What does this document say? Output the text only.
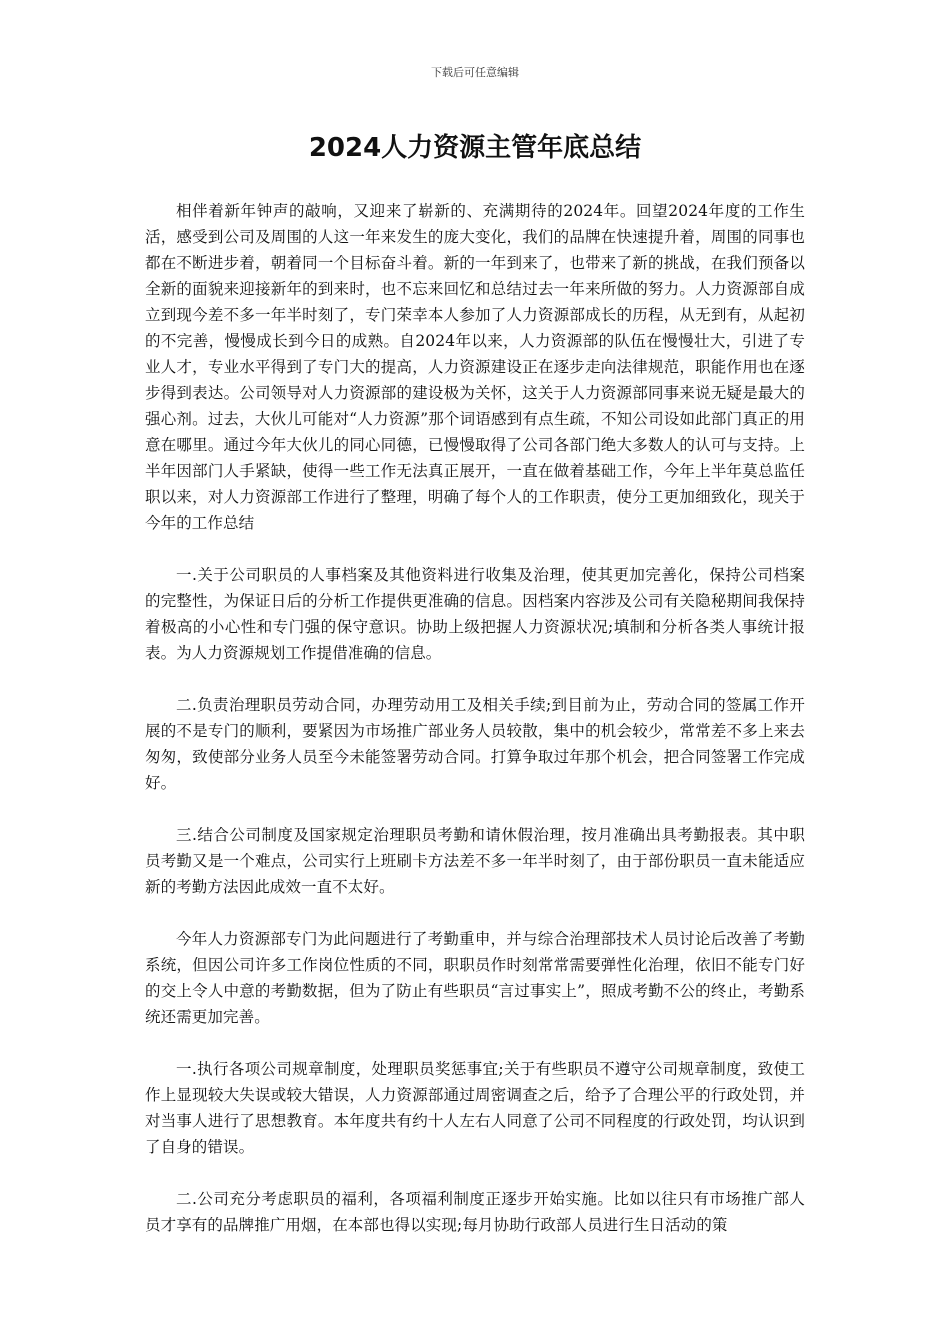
下载后可任意编辑
2024人力资源主管年底总结

相伴着新年钟声的敲响，又迎来了崭新的、充满期待的2024年。回望2024年度的工作生活，感受到公司及周围的人这一年来发生的庞大变化，我们的品牌在快速提升着，周围的同事也都在不断进步着，朝着同一个目标奋斗着。新的一年到来了，也带来了新的挑战，在我们预备以全新的面貌来迎接新年的到来时，也不忘来回忆和总结过去一年来所做的努力。人力资源部自成立到现今差不多一年半时刻了，专门荣幸本人参加了人力资源部成长的历程，从无到有，从起初的不完善，慢慢成长到今日的成熟。自2024年以来，人力资源部的队伍在慢慢壮大，引进了专业人才，专业水平得到了专门大的提高，人力资源建设正在逐步走向法律规范，职能作用也在逐步得到表达。公司领导对人力资源部的建设极为关怀，这关于人力资源部同事来说无疑是最大的强心剂。过去，大伙儿可能对“人力资源”那个词语感到有点生疏，不知公司设如此部门真正的用意在哪里。通过今年大伙儿的同心同德，已慢慢取得了公司各部门绝大多数人的认可与支持。上半年因部门人手紧缺，使得一些工作无法真正展开，一直在做着基础工作，今年上半年莫总监任职以来，对人力资源部工作进行了整理，明确了每个人的工作职责，使分工更加细致化，现关于今年的工作总结

一.关于公司职员的人事档案及其他资料进行收集及治理，使其更加完善化，保持公司档案的完整性，为保证日后的分析工作提供更准确的信息。因档案内容涉及公司有关隐秘期间我保持着极高的小心性和专门强的保守意识。协助上级把握人力资源状况;填制和分析各类人事统计报表。为人力资源规划工作提借准确的信息。

二.负责治理职员劳动合同，办理劳动用工及相关手续;到目前为止，劳动合同的签属工作开展的不是专门的顺利，要紧因为市场推广部业务人员较散，集中的机会较少，常常差不多上来去匆匆，致使部分业务人员至今未能签署劳动合同。打算争取过年那个机会，把合同签署工作完成好。

三.结合公司制度及国家规定治理职员考勤和请休假治理，按月准确出具考勤报表。其中职员考勤又是一个难点，公司实行上班刷卡方法差不多一年半时刻了，由于部份职员一直未能适应新的考勤方法因此成效一直不太好。

今年人力资源部专门为此问题进行了考勤重申，并与综合治理部技术人员讨论后改善了考勤系统，但因公司许多工作岗位性质的不同，职职员作时刻常常需要弹性化治理，依旧不能专门好的交上令人中意的考勤数据，但为了防止有些职员“言过事实上”，照成考勤不公的终止，考勤系统还需更加完善。

一.执行各项公司规章制度，处理职员奖惩事宜;关于有些职员不遵守公司规章制度，致使工作上显现较大失误或较大错误，人力资源部通过周密调查之后，给予了合理公平的行政处罚，并对当事人进行了思想教育。本年度共有约十人左右人同意了公司不同程度的行政处罚，均认识到了自身的错误。

二.公司充分考虑职员的福利，各项福利制度正逐步开始实施。比如以往只有市场推广部人员才享有的品牌推广用烟，在本部也得以实现;每月协助行政部人员进行生日活动的策
